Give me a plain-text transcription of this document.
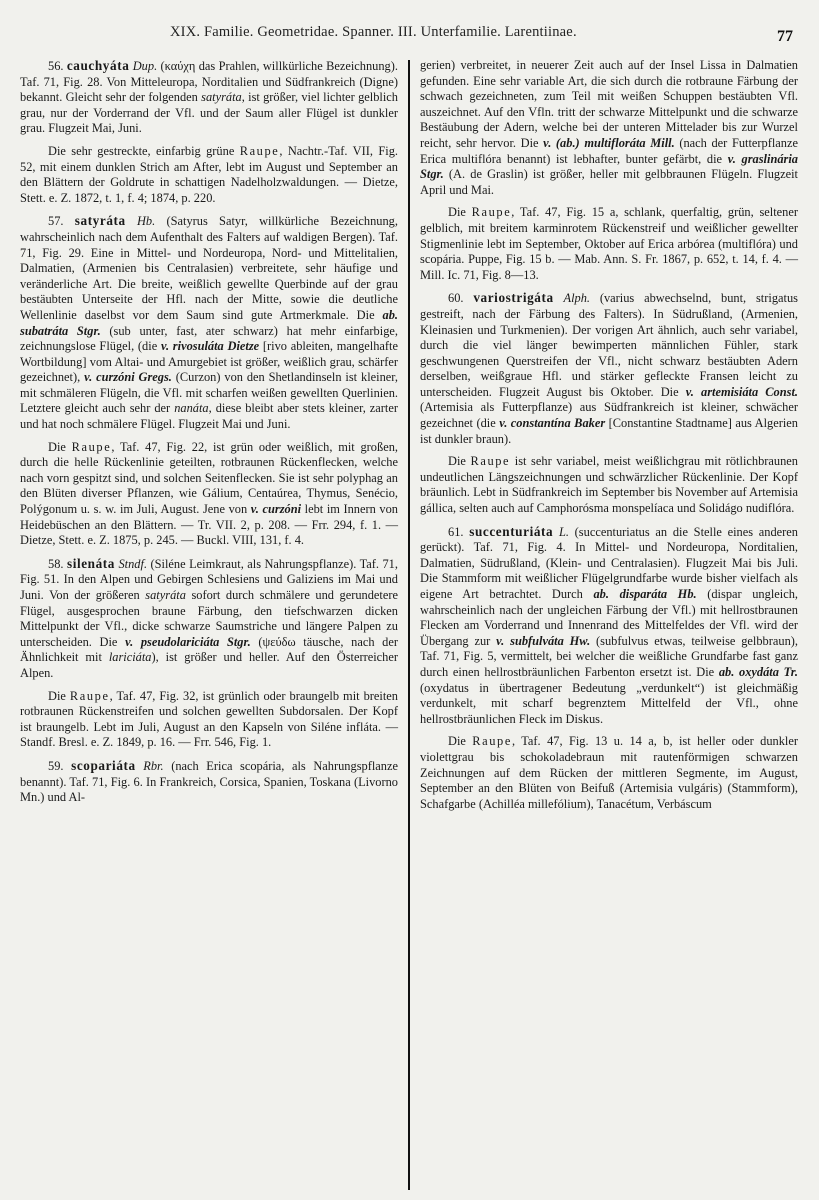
XIX. Familie. Geometridae. Spanner. III. Unterfamilie. Larentiinae.	77

56. cauchyáta Dup. (καύχη das Prahlen, willkürliche Bezeichnung). Taf. 71, Fig. 28. Von Mitteleuropa, Norditalien und Südfrankreich (Digne) bekannt. Gleicht sehr der folgenden satyráta, ist größer, viel lichter gelblich grau, nur der Vorderrand der Vfl. und der Saum aller Flügel ist dunkler grau. Flugzeit Mai, Juni.

Die sehr gestreckte, einfarbig grüne Raupe, Nachtr.-Taf. VII, Fig. 52, mit einem dunklen Strich am After, lebt im August und September an den Blättern der Goldrute in schattigen Nadelholzwaldungen. — Dietze, Stett. e. Z. 1872, t. 1, f. 4; 1874, p. 220.

57. satyráta Hb. (Satyrus Satyr, willkürliche Bezeichnung, wahrscheinlich nach dem Aufenthalt des Falters auf waldigen Bergen). Taf. 71, Fig. 29. Eine in Mittel- und Nordeuropa, Nord- und Mittelitalien, Dalmatien, (Armenien bis Centralasien) verbreitete, sehr häufige und veränderliche Art. Die breite, weißlich gewellte Querbinde auf der grau bestäubten Unterseite der Hfl. nach der Mitte, sowie die deutliche Wellenlinie daselbst vor dem Saum sind gute Artmerkmale. Die ab. subatráta Stgr. (sub unter, fast, ater schwarz) hat mehr einfarbige, zeichnungslose Flügel, (die v. rivosuláta Dietze [rivo ableiten, mangelhafte Wortbildung] vom Altai- und Amurgebiet ist größer, weißlich grau, schärfer gezeichnet), v. curzóni Gregs. (Curzon) von den Shetlandinseln ist kleiner, mit schmäleren Flügeln, die Vfl. mit scharfen weißen gewellten Querlinien. Letztere gleicht auch sehr der nanáta, diese bleibt aber stets kleiner, zarter und hat noch schmälere Flügel. Flugzeit Mai und Juni.

Die Raupe, Taf. 47, Fig. 22, ist grün oder weißlich, mit großen, durch die helle Rückenlinie geteilten, rotbraunen Rückenflecken, welche nach vorn gespitzt sind, und solchen Seitenflecken. Sie ist sehr polyphag an den Blüten diverser Pflanzen, wie Gálium, Centaúrea, Thymus, Senécio, Polýgonum u. s. w. im Juli, August. Jene von v. curzóni lebt im Innern von Heidebüschen an den Blättern. — Tr. VII. 2, p. 208. — Frr. 294, f. 1. — Dietze, Stett. e. Z. 1875, p. 245. — Buckl. VIII, 131, f. 4.

58. silenáta Stndf. (Siléne Leimkraut, als Nahrungspflanze). Taf. 71, Fig. 51. In den Alpen und Gebirgen Schlesiens und Galiziens im Mai und Juni. Von der größeren satyráta sofort durch schmälere und gerundetere Flügel, ausgesprochen braune Färbung, den tiefschwarzen dicken Mittelpunkt der Vfl., dicke schwarze Saumstriche und längere Palpen zu unterscheiden. Die v. pseudolariciáta Stgr. (ψεύδω täusche, nach der Ähnlichkeit mit lariciáta), ist größer und heller. Auf den Österreicher Alpen.

Die Raupe, Taf. 47, Fig. 32, ist grünlich oder braungelb mit breiten rotbraunen Rückenstreifen und solchen gewellten Subdorsalen. Der Kopf ist braungelb. Lebt im Juli, August an den Kapseln von Siléne infláta. — Standf. Bresl. e. Z. 1849, p. 16. — Frr. 546, Fig. 1.

59. scopariáta Rbr. (nach Erica scopária, als Nahrungspflanze benannt). Taf. 71, Fig. 6. In Frankreich, Corsica, Spanien, Toskana (Livorno Mn.) und Al-

gerien) verbreitet, in neuerer Zeit auch auf der Insel Lissa in Dalmatien gefunden. Eine sehr variable Art, die sich durch die rotbraune Färbung der schwach gezeichneten, zum Teil mit weißen Schuppen bestäubten Vfl. auszeichnet. Auf den Vfln. tritt der schwarze Mittelpunkt und die schwarze Bestäubung der Adern, welche bei der unteren Mittelader bis zur Wurzel reicht, sehr hervor. Die v. (ab.) multifloráta Mill. (nach der Futterpflanze Erica multiflóra benannt) ist lebhafter, bunter gefärbt, die v. graslinária Stgr. (A. de Graslin) ist größer, heller mit gelbbraunen Flügeln. Flugzeit April und Mai.

Die Raupe, Taf. 47, Fig. 15 a, schlank, querfaltig, grün, seltener gelblich, mit breitem karminrotem Rückenstreif und weißlicher gewellter Stigmenlinie lebt im September, Oktober auf Erica arbórea (multiflóra) und scopária. Puppe, Fig. 15 b. — Mab. Ann. S. Fr. 1867, p. 652, t. 14, f. 4. — Mill. Ic. 71, Fig. 8—13.

60. variostrigáta Alph. (varius abwechselnd, bunt, strigatus gestreift, nach der Färbung des Falters). In Südrußland, (Armenien, Kleinasien und Turkmenien). Der vorigen Art ähnlich, auch sehr variabel, durch die viel länger bewimperten männlichen Fühler, stark geschwungenen Querstreifen der Vfl., nicht schwarz bestäubten Adern derselben, weißgraue Hfl. und stärker gefleckte Fransen leicht zu unterscheiden. Flugzeit August bis Oktober. Die v. artemisiáta Const. (Artemisia als Futterpflanze) aus Südfrankreich ist kleiner, schwächer gezeichnet (die v. constantína Baker [Constantine Stadtname] aus Algerien ist dunkler braun).

Die Raupe ist sehr variabel, meist weißlichgrau mit rötlichbraunen undeutlichen Längszeichnungen und schwärzlicher Rückenlinie. Der Kopf bräunlich. Lebt in Südfrankreich im September bis November auf Artemisia gállica, selten auch auf Camphorósma monspelíaca und Solidágo nudiflóra.

61. succenturiáta L. (succenturiatus an die Stelle eines anderen gerückt). Taf. 71, Fig. 4. In Mittel- und Nordeuropa, Norditalien, Dalmatien, Südrußland, (Klein- und Centralasien). Flugzeit Mai bis Juli. Die Stammform mit weißlicher Flügelgrundfarbe wurde bisher vielfach als eigene Art betrachtet. Durch ab. disparáta Hb. (dispar ungleich, wahrscheinlich nach der ungleichen Färbung der Vfl.) mit hellrostbraunen Flecken am Vorderrand und Innenrand des Mittelfeldes der Vfl. wird der Übergang zur v. subfulváta Hw. (subfulvus etwas, teilweise gelbbraun), Taf. 71, Fig. 5, vermittelt, bei welcher die weißliche Grundfarbe fast ganz durch einen hellrostbräunlichen Farbenton ersetzt ist. Die ab. oxydáta Tr. (oxydatus in übertragener Bedeutung „verdunkelt“) ist gleichmäßig verdunkelt, mit scharf begrenztem Mittelfeld der Vfl., ohne hellrostbräunlichen Fleck im Diskus.

Die Raupe, Taf. 47, Fig. 13 u. 14 a, b, ist heller oder dunkler violettgrau bis schokoladebraun mit rautenförmigen schwarzen Zeichnungen auf dem Rücken der mittleren Segmente, im August, September an den Blüten von Beifuß (Artemisia vulgáris) (Stammform), Schafgarbe (Achilléa millefólium), Tanacétum, Verbáscum
